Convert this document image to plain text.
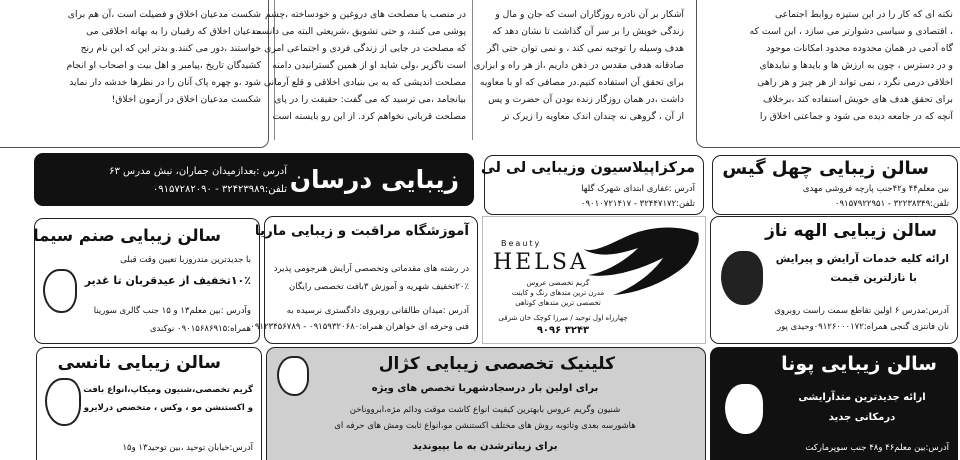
شکست مدعیان اخلاق و فضیلت است ،آن هم برای
مدعیان اخلاق که رقیبان را به بهانه اخلاقی می
خواستند ،دور می کنند.و بدتر این که این نام رنج
کشیدگان تاریخ ،پیامبر و اهل بیت و اصحاب او انجام
شود ،و چهره پاک آنان را در نظرها خدشه دار نماید
شکست مدعیان اخلاق در آزمون اخلاق!
در منصب یا مصلحت های دروغین و خودساخته ،چشم
پوشی می کنند، و حتی تشویق ،شریعتی البته می دانست
که مصلحت در جایی از زندگی فردی و اجتماعی امری
است ناگزیر ،ولی شاید او از همین گسترانیدن دامنه
مصلحت اندیشی که به بی بنیادی اخلاقی و قلع آرمانی
بیانجامد ،می ترسید که می گفت: حقیقت را در پای
مصلحت قربانی نخواهم کرد. از این رو بایسته است
آشکار بر آن نادره روزگاران است که جان و مال و
زندگی خویش را بر سر آن گذاشت تا نشان دهد که
هدف وسیله را توجیه نمی کند ، و نمی توان حتی اگر
صادقانه هدفی مقدس در ذهن داریم ،از هر راه و ابزاری
برای تحقق آن استفاده کنیم.در مصافی که او با معاویه
داشت ،در همان روزگار زنده بودن آن حضرت و پس
از آن ، گروهی نه چندان اندک معاویه را زیرک تر
نکته ای که کار را در این ستیزه روابط اجتماعی
، اقتصادی و سیاسی دشوارتر می سازد ، این است که
گاه آدمی در همان محدوده محدود امکانات موجود
و در دسترس ، چون به ارزش ها و بایدها و نبایدهای
اخلاقی درمی نگرد ، نمی تواند از هر چیز و هر راهی
برای تحقق هدف های خویش استفاده کند ،برخلاف
آنچه که در جامعه دیده می شود و جماعتی اخلاق را
زیبایی درسان
آدرس :بعدازمیدان جماران، نبش مدرس ۶۳
تلفن:۳۲۴۲۳۹۸۹ - ۰۹۱۵۷۲۸۲۰۹۰
مرکزاپیلاسیون وزیبایی لی لی
آدرس :غفاری ابتدای شهرک گلها
تلفن:۳۲۴۴۷۱۷۲ - ۰۹۰۱۰۷۲۱۴۱۷
سالن زیبایی چهل گیس
بین معلم۴۴ و۴۲جنب پارچه فروشی مهدی
تلفن:۳۲۲۳۸۳۴۹ - ۰۹۱۵۷۹۲۲۹۵۱
سالن زیبایی صنم سیما
با جدیدترین متدروزبا تعیین وقت قبلی
۱۰٪تخفیف از عیدقربان تا غدیر
وآدرس :بین معلم۱۳ و ۱۵ جنب گالری سورینا
همراه:۰۹۰۱۵۶۸۶۹۱۵ نوکندی
آموزشگاه مراقبت و زیبایی ماریا
در رشته های مقدماتی وتخصصی آرایش هنرجومی پذیرد
۲۰٪تخفیف شهریه و آموزش ۳بافت تخصصی رایگان
آدرس :میدان طالقانی روبروی دادگستری نرسیده به
فنی وحرفه ای خواهران همراه:۰۹۱۵۹۳۲۰۶۸۰ - ۰۹۱۲۳۴۵۶۷۸۹
HELSA
Beauty
گریم تخصصی عروس
مدرن ترین متدهای رنگ و کاینت
تخصصی ترین متدهای کوتاهی
چهارراه اول توحید / میرزا کوچک خان شرقی
۳۲۴۳ ۹۰۹۶
سالن زیبایی الهه ناز
ارائه کلیه خدمات آرایش و پیرایش
با نازلترین قیمت
آدرس:مدرس ۶ اولین تقاطع سمت راست روبروی
نان فانتزی گنجی همراه:۰۹۱۲۶۰۰۰۱۷۲وحیدی پور
سالن زیبایی نانسی
گریم تخصصی،شنیون ومیکاپ،انواع بافت
و اکستنشن مو ، وکس ، متخصص درلایرو
آدرس:خیابان توحید ،بین توحید۱۳ و۱۵
کلینیک تخصصی زیبایی کژال
برای اولین بار درسجادشهربا تخصص های ویژه
شنیون وگریم عروس بابهترین کیفیت انواع کاشت موقت ودائم مژه،ابرووناخن
هاشورسه بعدی وتاتوبه روش های مختلف اکستنشن مو،انواع ثابت ومش های حرفه ای
برای زیباترشدن به ما بپیوندید
سالن زیبایی پونا
ارائه جدیدترین متدآرایشی
درمکانی جدید
آدرس:بین معلم۴۶ و۴۸ جنب سوپرمارکت
